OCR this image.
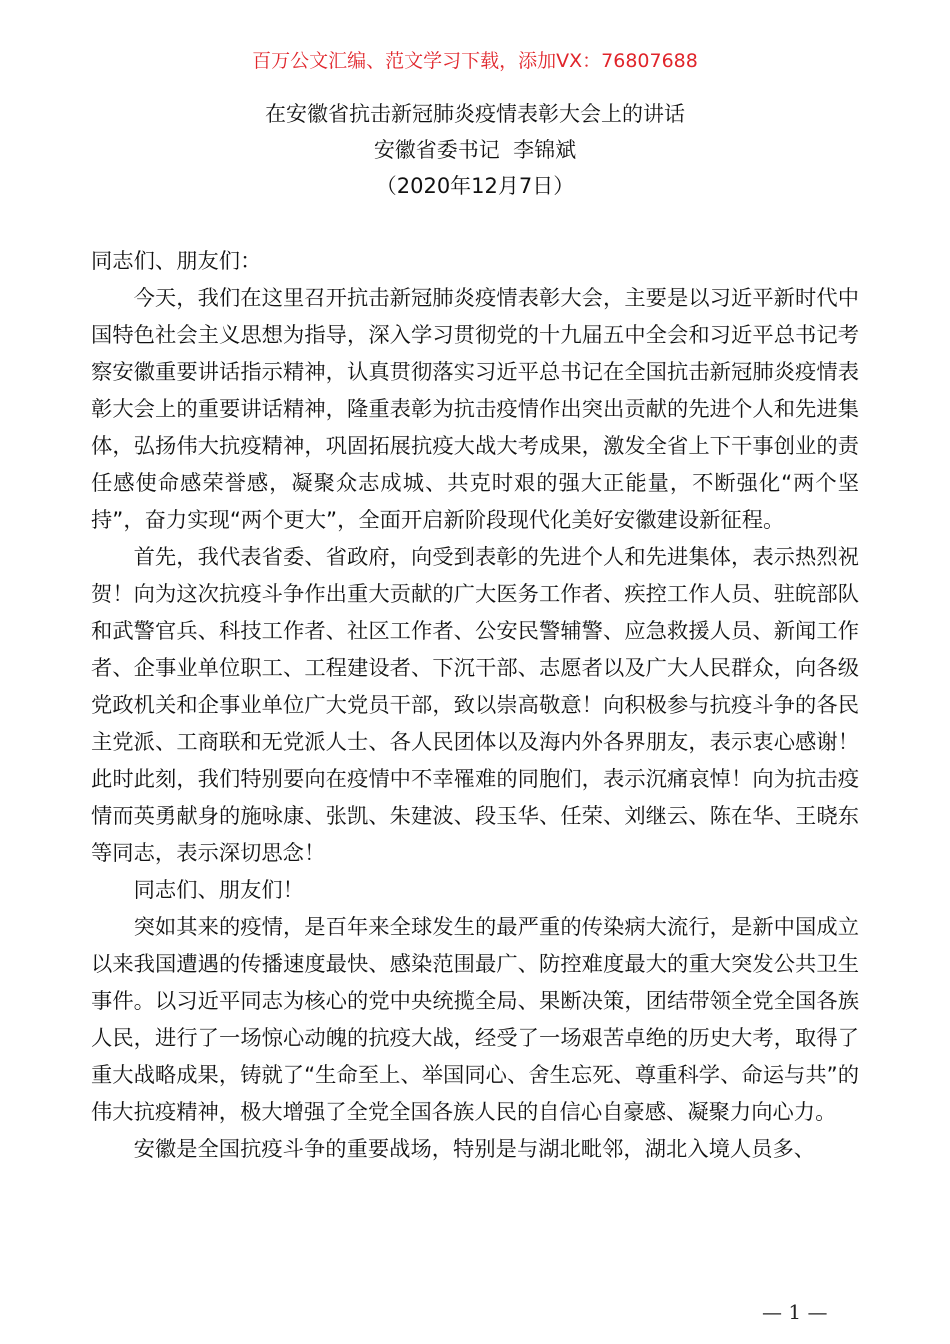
百万公文汇编、范文学习下载，添加VX：76807688
在安徽省抗击新冠肺炎疫情表彰大会上的讲话
安徽省委书记  李锦斌
（2020年12月7日）

同志们、朋友们：

今天，我们在这里召开抗击新冠肺炎疫情表彰大会，主要是以习近平新时代中国特色社会主义思想为指导，深入学习贯彻党的十九届五中全会和习近平总书记考察安徽重要讲话指示精神，认真贯彻落实习近平总书记在全国抗击新冠肺炎疫情表彰大会上的重要讲话精神，隆重表彰为抗击疫情作出突出贡献的先进个人和先进集体，弘扬伟大抗疫精神，巩固拓展抗疫大战大考成果，激发全省上下干事创业的责任感使命感荣誉感，凝聚众志成城、共克时艰的强大正能量，不断强化“两个坚持”，奋力实现“两个更大”，全面开启新阶段现代化美好安徽建设新征程。

首先，我代表省委、省政府，向受到表彰的先进个人和先进集体，表示热烈祝贺！向为这次抗疫斗争作出重大贡献的广大医务工作者、疾控工作人员、驻皖部队和武警官兵、科技工作者、社区工作者、公安民警辅警、应急救援人员、新闻工作者、企事业单位职工、工程建设者、下沉干部、志愿者以及广大人民群众，向各级党政机关和企事业单位广大党员干部，致以崇高敬意！向积极参与抗疫斗争的各民主党派、工商联和无党派人士、各人民团体以及海内外各界朋友，表示衷心感谢！此时此刻，我们特别要向在疫情中不幸罹难的同胞们，表示沉痛哀悼！向为抗击疫情而英勇献身的施咏康、张凯、朱建波、段玉华、任荣、刘继云、陈在华、王晓东等同志，表示深切思念！

同志们、朋友们！

突如其来的疫情，是百年来全球发生的最严重的传染病大流行，是新中国成立以来我国遭遇的传播速度最快、感染范围最广、防控难度最大的重大突发公共卫生事件。以习近平同志为核心的党中央统揽全局、果断决策，团结带领全党全国各族人民，进行了一场惊心动魄的抗疫大战，经受了一场艰苦卓绝的历史大考，取得了重大战略成果，铸就了“生命至上、举国同心、舍生忘死、尊重科学、命运与共”的伟大抗疫精神，极大增强了全党全国各族人民的自信心自豪感、凝聚力向心力。

安徽是全国抗疫斗争的重要战场，特别是与湖北毗邻，湖北入境人员多、

— 1 —
